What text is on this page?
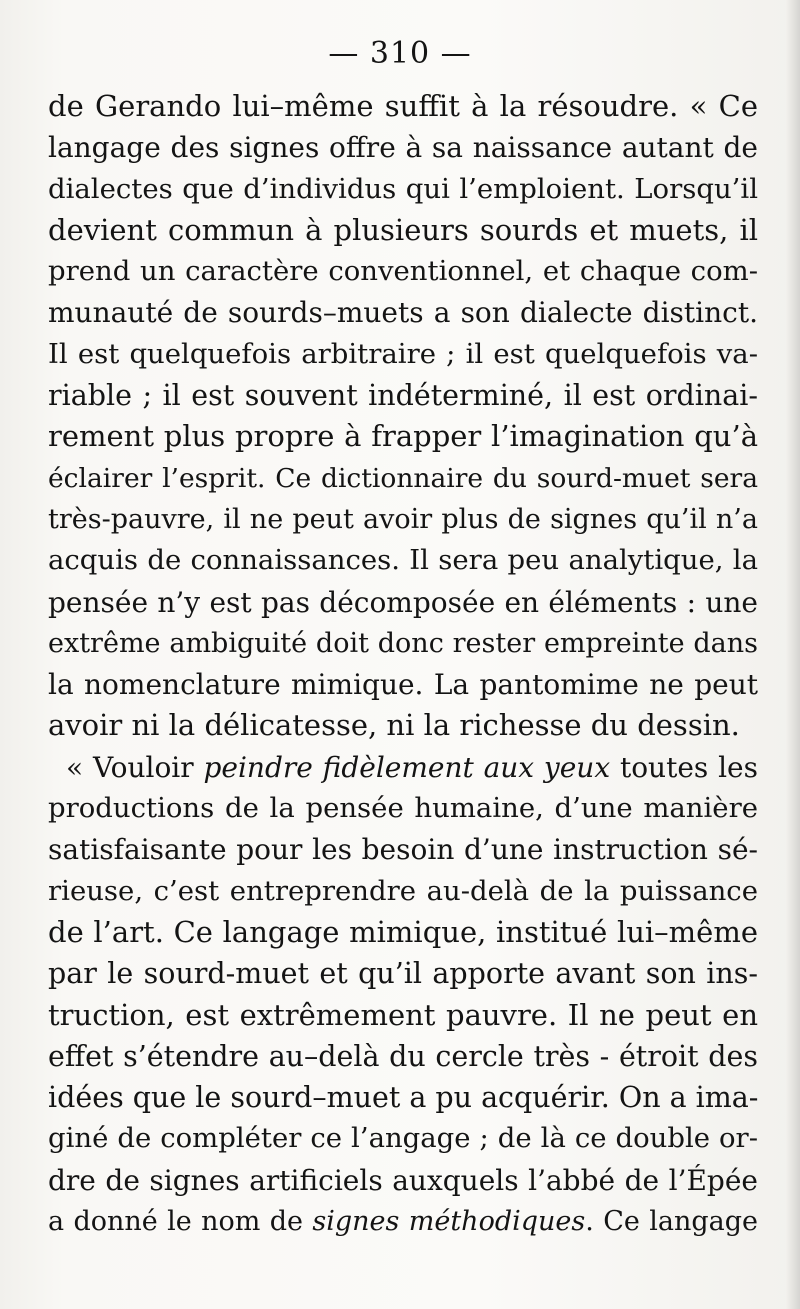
— 310 —
de Gerando lui–même suffit à la résoudre. « Ce
langage des signes offre à sa naissance autant de
dialectes que d’individus qui l’emploient. Lorsqu’il
devient commun à plusieurs sourds et muets, il
prend un caractère conventionnel, et chaque com-
munauté de sourds–muets a son dialecte distinct.
Il est quelquefois arbitraire ; il est quelquefois va-
riable ; il est souvent indéterminé, il est ordinai-
rement plus propre à frapper l’imagination qu’à
éclairer l’esprit. Ce dictionnaire du sourd-muet sera
très-pauvre, il ne peut avoir plus de signes qu’il n’a
acquis de connaissances. Il sera peu analytique, la
pensée n’y est pas décomposée en éléments : une
extrême ambiguité doit donc rester empreinte dans
la nomenclature mimique. La pantomime ne peut
avoir ni la délicatesse, ni la richesse du dessin.
« Vouloir peindre fidèlement aux yeux toutes les
productions de la pensée humaine, d’une manière
satisfaisante pour les besoin d’une instruction sé-
rieuse, c’est entreprendre au-delà de la puissance
de l’art. Ce langage mimique, institué lui–même
par le sourd-muet et qu’il apporte avant son ins-
truction, est extrêmement pauvre. Il ne peut en
effet s’étendre au–delà du cercle très - étroit des
idées que le sourd–muet a pu acquérir. On a ima-
giné de compléter ce l’angage ; de là ce double or-
dre de signes artificiels auxquels l’abbé de l’Épée
a donné le nom de signes méthodiques. Ce langage
